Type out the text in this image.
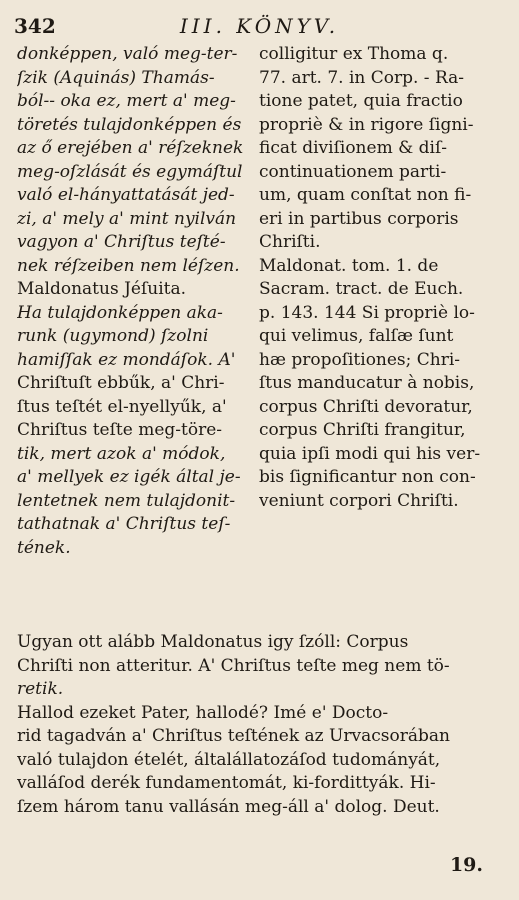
342	III. KÖNYV.
donképpen, való meg-ter-
ſzik (Aquinás) Thamás-
ból-- oka ez, mert a' meg-
töretés tulajdonképpen és
az ő erejében a' réſzeknek
meg-oſzlását és egymáſtul
való el-hányattatását jed-
zi, a' mely a' mint nyilván
vagyon a' Chriſtus teſté-
nek réſzeiben nem léſzen.
Maldonatus Jéſuita.
Ha tulajdonképpen aka-
runk (ugymond) ſzolni
hamiſſak ez mondáſok. A'
Chriſtuſt ebbűk, a' Chri-
ſtus teſtét el-nyellyűk, a'
Chriſtus teſte meg-töre-
tik, mert azok a' módok,
a' mellyek ez igék által je-
lentetnek nem tulajdonit-
tathatnak a' Chriſtus teſ-
tének.
colligitur ex Thoma q.
77. art. 7. in Corp. - Ra-
tione patet, quia fractio
propriè & in rigore ſigni-
ficat diviſionem & diſ-
continuationem parti-
um, quam conſtat non fi-
eri in partibus corporis
Chriſti.
Maldonat. tom. 1. de
Sacram. tract. de Euch.
p. 143. 144 Si propriè lo-
qui velimus, falſæ ſunt
hæ propoſitiones; Chri-
ſtus manducatur à nobis,
corpus Chriſti devoratur,
corpus Chriſti frangitur,
quia ipſi modi qui his ver-
bis ſignificantur non con-
veniunt corpori Chriſti.
Ugyan ott alább Maldonatus igy ſzóll: Corpus
Chriſti non atteritur. A' Chriſtus teſte meg nem tö-
retik.
Hallod ezeket Pater, hallodé? Imé e' Docto-
rid tagadván a' Chriſtus teſtének az Urvacsorában
való tulajdon ételét, általállatozáſod tudományát,
valláſod derék fundamentomát, ki-fordittyák. Hi-
ſzem három tanu vallásán meg-áll a' dolog. Deut.
19.
